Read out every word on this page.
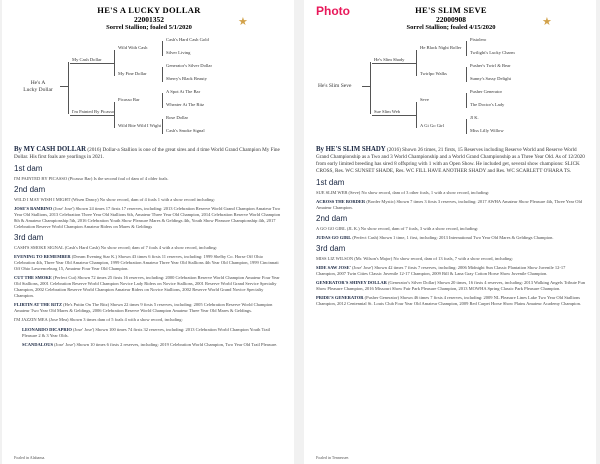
HE'S A LUCKY DOLLAR
22001352
Sorrel Stallion; foaled 5/1/2020	★
He's A
Lucky Dollar
My Cash Dollar
I'm Painted By Picasso
Wild With Cash
My Fine Dollar
Picasso Bar
Wild Bite Wild I Wight
Cash's Hard Cash Gold
Silver Living
Generator's Silver Dollar
Sherry's Black Beauty
A Spot At The Bar
Wheater At The Ritz
Rose Dollar
Cash's Smoke Signal
By MY CASH DOLLAR (2016) Dollar-a Stallion is one of the great sires and 4 time World Grand Champion My Fine Dollar. His first foals are yearlings in 2021.
1st dam
I'M PAINTED BY PICASSO (Picasso Bar) Is the second foal of dam of 4 older foals.
2nd dam
WILD I MAY WISH I MIGHT (Wisen Dancy) No show record, dam of 4 foals 1 with a show record including:
JOSE'S BAMBINO (Jose' Jose') Shown 24 times 17 firsts 17 reserves, including: 2013 Celebration Reserve World Grand Champion Amateur Two Year Old Stallions, 2013 Celebration Three Year Old Stallions 6th, Amateur Three Year Old Champion, 2014 Celebration Reserve World Champion 8th & Amateur Championship 5th, 2016 Celebration Youth Show Pleasure Mares & Geldings 4th, Youth Show Pleasure Championship 4th, 2017 Celebration Reserve World Champion Amateur Riders on Mares & Geldings
3rd dam
CASH'S SMOKE SIGNAL (Cash's Hard Cash) No show record; dam of 7 foals 4 with a show record, including:
EVENING TO REMEMBER (Dream Evening Star K.) Shown 43 times 6 firsts 11 reserves, including: 1999 Shelby Co. Horse Off Ohio Celebration 4th, Three Year Old Amateur Champion, 1999 Celebration Amateur Three Year Old Stallions 4th Year Old Champion, 1999 Cincinnati Off Ohio Lawrenceburg 15, Amateur Four Year Old Champion.
CUT THE SMOKE (Perfect Cut) Shown 72 times 25 firsts 16 reserves, including: 2000 Celebration Reserve World Champion Amateur Four Year Old Stallions, 2001 Celebration Reserve World Champion Novice Lady Riders on Novice Stallions, 2001 Reserve World Grand Service Specialty Champion, 2002 Celebration Reserve World Champion Amateur Riders on Novice Stallions, 2002 Reserve World Grand Novice Specialty Champion.
FLIRTIN AT THE RITZ (He's Puttin On The Ritz) Shown 22 times 9 firsts 5 reserves, including: 2005 Celebration Reserve World Champion Amateur Two Year Old Mares & Geldings, 2006 Celebration Reserve World Champion Amateur Three Year Old Mares & Geldings.
I'M JAZZIN MEA (Jose Mea) Shown 3 times dam of 5 foals 4 with a show record, including:
LEONARDO DICAPRIO (Jose' Jose') Shown 100 times 74 firsts 32 reserves, including: 2013 Celebration World Champion Youth Trail Pleasure 2 & 3 Year Olds.
SCANDALOUS (Jose' Jose') Shown 10 times 6 firsts 2 reserves, including: 2019 Celebration World Champion, Two Year Old Trail Pleasure.
Foaled in Alabama.
Photo	HE'S SLIM SEVE
22000908
Sorrel Stallion; foaled 4/15/2020	★
He's Slim Seve
He's Slim Shady
Sue Slim Web
He Black Night Roller
Twirlpo Walks
Seve
A Gi Go Girl
Pistolero
Twilight's Lucky Charm
Pusher's Twirl & Bear
Sunny's Sassy Delight
Pusher Generator
The Doctor's Lady
Jl K.
Miss Lilly Willow
By HE'S SLIM SHADY (2016) Shown 26 times, 21 firsts, 15 Reserves including Reserve World and Reserve World Grand Championship as a Two and 3 World Championship and a World Grand Championship as a Three Year Old. As of 12/2020 from early limited breeding has sired 8 offspring with 1 with an Open Show. He included get, several show champions: SLICK CROSS, Res. WC SUNSET SHADE, Res. WC FILL HAVE ANOTHER SHADY and Res. WC SCARLETT O'HARA TS.
1st dam
SUE SLIM WEB (Seve) No show record, dam of 3 other foals, 1 with a show record, including:
ACROSS THE BORDER (Border Mystic) Shown 7 times 3 firsts 3 reserves, including: 2017 AWHA Amateur Show Pleasure 4th, Three Year Old Amateur Champion.
2nd dam
A GO GO GIRL (JL K.) No show record, dam of 7 foals, 3 with a show record, including:
JUDAS GO GIRL (Perfect Cash) Shown 1 time, 1 first, including: 2013 International Two Year Old Mares & Geldings Champion.
3rd dam
MISS LIZ WILSON (Mr. Wilson's Major) No show record, dam of 13 foals, 7 with a show record, including:
SIDE SAW JOSE' (Jose' Jose') Shown 42 times 7 firsts 7 reserves, including: 2006 Midnight Sun Classic Plantation Show Juvenile 12-17 Champion, 2007 Twin Cities Classic Juvenile 12-17 Champion, 2009 Bill & Lana Gray Cotton Horse Show Juvenile Champion.
GENERATOR'S SHINEY DOLLAR (Generator's Silver Dollar) Shown 20 times, 16 firsts 4 reserves, including: 2013 Walking Angels Tribute Fun Show Pleasure Champion, 2016 Missouri Show Fair Park Pleasure Champion, 2013 MOWHA Spring Classic Park Pleasure Champion.
PRIDE'S GENERATOR (Pusher Generator) Shown 46 times 7 firsts 4 reserves, including: 2009 NL Pleasure Lines Lake Two Year Old Stallions Champion, 2012 Centennial St. Louis Club Four Year Old Amateur Champion, 2009 Red Carpet Horse Show Plains Amateur Academy Champion.
Foaled in Tennessee.
